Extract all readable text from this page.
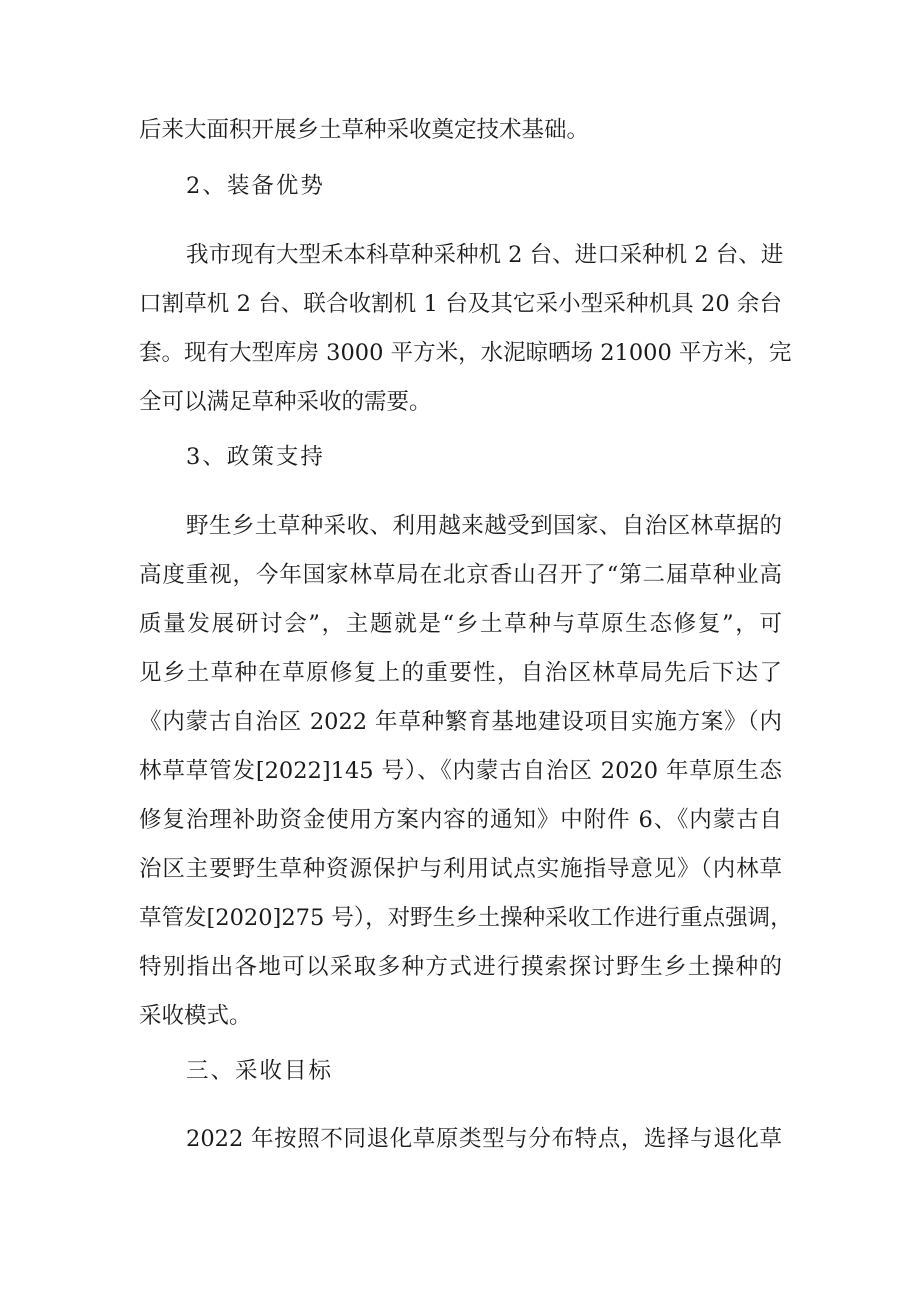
后来大面积开展乡土草种采收奠定技术基础。
2、装备优势
我市现有大型禾本科草种采种机 2 台、进口采种机 2 台、进
口割草机 2 台、联合收割机 1 台及其它采小型采种机具 20 余台
套。现有大型库房 3000 平方米，水泥晾晒场 21000 平方米，完
全可以满足草种采收的需要。
3、政策支持
野生乡土草种采收、利用越来越受到国家、自治区林草据的
高度重视，今年国家林草局在北京香山召开了“第二届草种业高
质量发展研讨会”，主题就是“乡土草种与草原生态修复”，可
见乡土草种在草原修复上的重要性，自治区林草局先后下达了
《内蒙古自治区 2022 年草种繁育基地建设项目实施方案》（内
林草草管发[2022]145 号）、《内蒙古自治区 2020 年草原生态
修复治理补助资金使用方案内容的通知》中附件 6、《内蒙古自
治区主要野生草种资源保护与利用试点实施指导意见》（内林草
草管发[2020]275 号），对野生乡土操种采收工作进行重点强调，
特别指出各地可以采取多种方式进行摸索探讨野生乡土操种的
采收模式。
三、采收目标
2022 年按照不同退化草原类型与分布特点，选择与退化草
